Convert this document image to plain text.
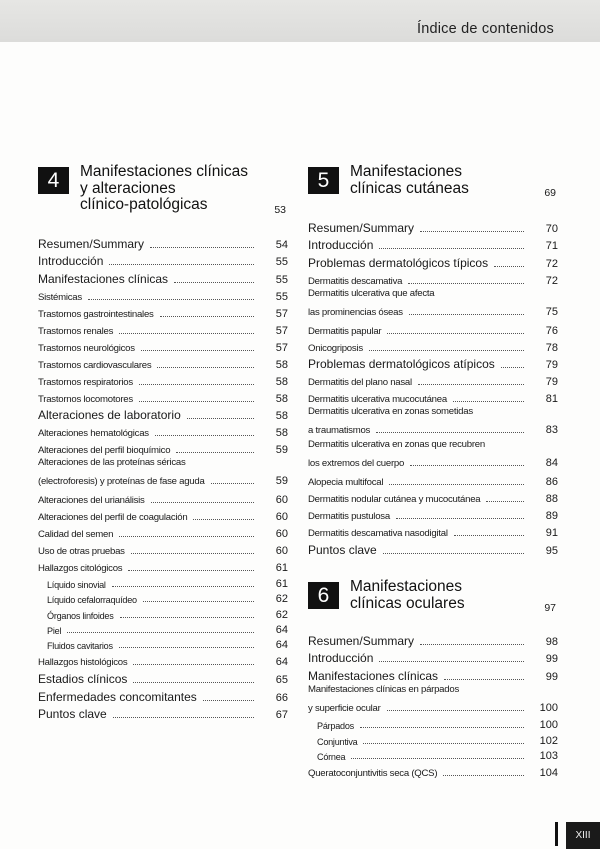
Índice de contenidos
4	Manifestaciones clínicas
y alteraciones
clínico-patológicas	53
Resumen/Summary	54
Introducción	55
Manifestaciones clínicas	55
Sistémicas	55
Trastornos gastrointestinales	57
Trastornos renales	57
Trastornos neurológicos	57
Trastornos cardiovasculares	58
Trastornos respiratorios	58
Trastornos locomotores	58
Alteraciones de laboratorio	58
Alteraciones hematológicas	58
Alteraciones del perfil bioquímico	59
Alteraciones de las proteínas séricas
(electroforesis) y proteínas de fase aguda	59
Alteraciones del urianálisis	60
Alteraciones del perfil de coagulación	60
Calidad del semen	60
Uso de otras pruebas	60
Hallazgos citológicos	61
Líquido sinovial	61
Líquido cefalorraquídeo	62
Órganos linfoides	62
Piel	64
Fluidos cavitarios	64
Hallazgos histológicos	64
Estadios clínicos	65
Enfermedades concomitantes	66
Puntos clave	67
5	Manifestaciones
clínicas cutáneas	69
Resumen/Summary	70
Introducción	71
Problemas dermatológicos típicos	72
Dermatitis descamativa	72
Dermatitis ulcerativa que afecta
las prominencias óseas	75
Dermatitis papular	76
Onicogriposis	78
Problemas dermatológicos atípicos	79
Dermatitis del plano nasal	79
Dermatitis ulcerativa mucocutánea	81
Dermatitis ulcerativa en zonas sometidas
a traumatismos	83
Dermatitis ulcerativa en zonas que recubren
los extremos del cuerpo	84
Alopecia multifocal	86
Dermatitis nodular cutánea y mucocutánea	88
Dermatitis pustulosa	89
Dermatitis descamativa nasodigital	91
Puntos clave	95
6	Manifestaciones
clínicas oculares	97
Resumen/Summary	98
Introducción	99
Manifestaciones clínicas	99
Manifestaciones clínicas en párpados
y superficie ocular	100
Párpados	100
Conjuntiva	102
Córnea	103
Queratoconjuntivitis seca (QCS)	104
XIII
